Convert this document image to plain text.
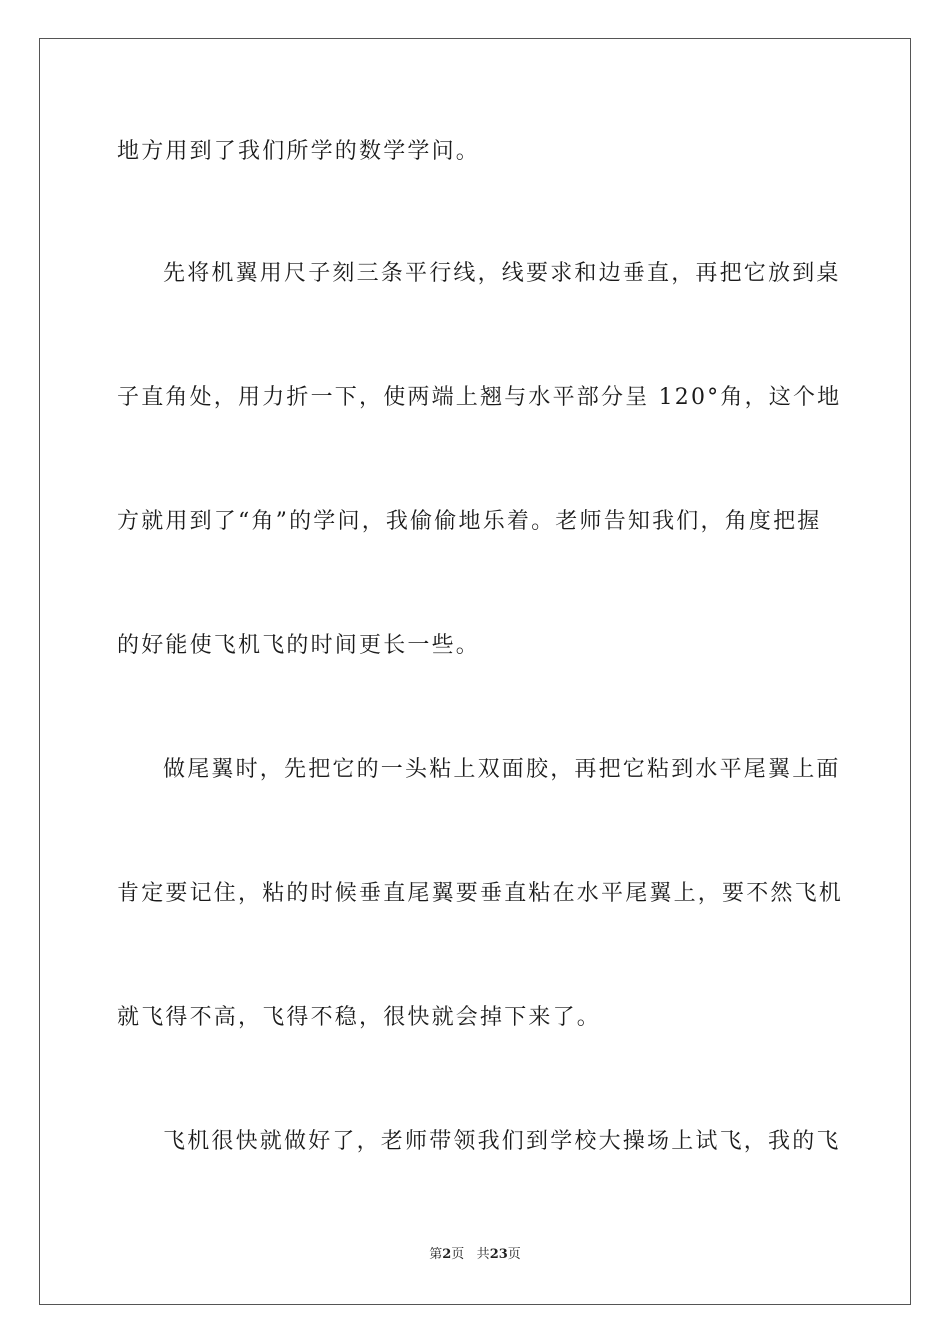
地方用到了我们所学的数学学问。
先将机翼用尺子刻三条平行线，线要求和边垂直，再把它放到桌
子直角处，用力折一下，使两端上翘与水平部分呈 120°角，这个地
方就用到了“角”的学问，我偷偷地乐着。老师告知我们，角度把握
的好能使飞机飞的时间更长一些。
做尾翼时，先把它的一头粘上双面胶，再把它粘到水平尾翼上面
肯定要记住，粘的时候垂直尾翼要垂直粘在水平尾翼上，要不然飞机
就飞得不高，飞得不稳，很快就会掉下来了。
飞机很快就做好了，老师带领我们到学校大操场上试飞，我的飞
第2页 共23页
